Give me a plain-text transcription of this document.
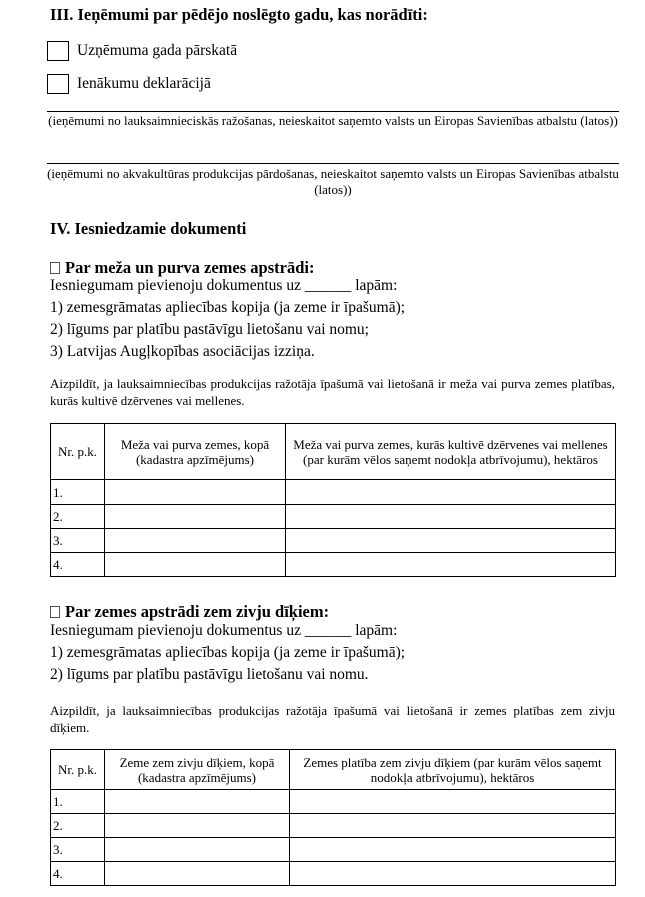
III. Ieņēmumi par pēdējo noslēgto gadu, kas norādīti:
Uzņēmuma gada pārskatā
Ienākumu deklarācijā
(ieņēmumi no lauksaimnieciskās ražošanas, neieskaitot saņemto valsts un Eiropas Savienības atbalstu (latos))
(ieņēmumi no akvakultūras produkcijas pārdošanas, neieskaitot saņemto valsts un Eiropas Savienības atbalstu (latos))
IV. Iesniedzamie dokumenti
Par meža un purva zemes apstrādi:
Iesniegumam pievienoju dokumentus uz ______ lapām:
1) zemesgrāmatas apliecības kopija (ja zeme ir īpašumā);
2) līgums par platību pastāvīgu lietošanu vai nomu;
3) Latvijas Augļkopības asociācijas izziņa.
Aizpildīt, ja lauksaimniecības produkcijas ražotāja īpašumā vai lietošanā ir meža vai purva zemes platības, kurās kultivē dzērvenes vai mellenes.
Nr. p.k.	Meža vai purva zemes, kopā (kadastra apzīmējums)	Meža vai purva zemes, kurās kultivē dzērvenes vai mellenes (par kurām vēlos saņemt nodokļa atbrīvojumu), hektāros
1.		
2.		
3.		
4.		
Par zemes apstrādi zem zivju dīķiem:
Iesniegumam pievienoju dokumentus uz ______ lapām:
1) zemesgrāmatas apliecības kopija (ja zeme ir īpašumā);
2) līgums par platību pastāvīgu lietošanu vai nomu.
Aizpildīt, ja lauksaimniecības produkcijas ražotāja īpašumā vai lietošanā ir zemes platības zem zivju dīķiem.
Nr. p.k.	Zeme zem zivju dīķiem, kopā (kadastra apzīmējums)	Zemes platība zem zivju dīķiem (par kurām vēlos saņemt nodokļa atbrīvojumu), hektāros
1.		
2.		
3.		
4.		
